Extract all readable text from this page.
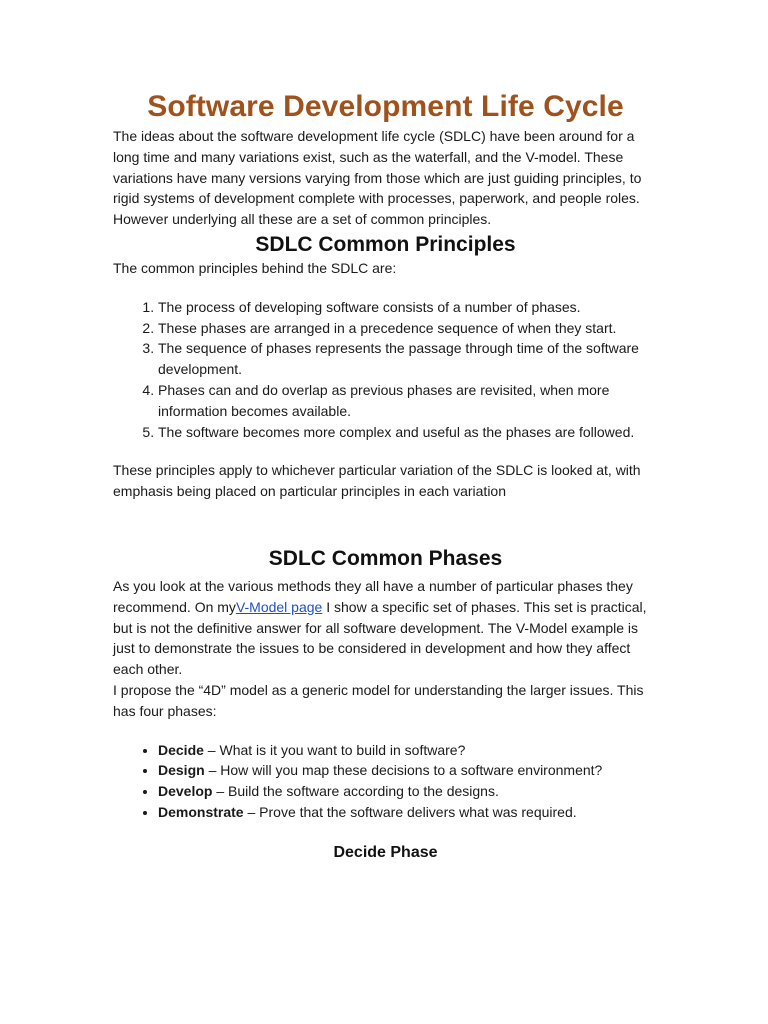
Software Development Life Cycle

The ideas about the software development life cycle (SDLC) have been around for a long time and many variations exist, such as the waterfall, and the V-model. These variations have many versions varying from those which are just guiding principles, to rigid systems of development complete with processes, paperwork, and people roles. However underlying all these are a set of common principles.

SDLC Common Principles

The common principles behind the SDLC are:

1. The process of developing software consists of a number of phases.
2. These phases are arranged in a precedence sequence of when they start.
3. The sequence of phases represents the passage through time of the software development.
4. Phases can and do overlap as previous phases are revisited, when more information becomes available.
5. The software becomes more complex and useful as the phases are followed.

These principles apply to whichever particular variation of the SDLC is looked at, with emphasis being placed on particular principles in each variation

SDLC Common Phases

As you look at the various methods they all have a number of particular phases they recommend. On myV-Model page I show a specific set of phases. This set is practical, but is not the definitive answer for all software development. The V-Model example is just to demonstrate the issues to be considered in development and how they affect each other.

I propose the “4D” model as a generic model for understanding the larger issues. This has four phases:

• Decide – What is it you want to build in software?
• Design – How will you map these decisions to a software environment?
• Develop – Build the software according to the designs.
• Demonstrate – Prove that the software delivers what was required.
Decide Phase
